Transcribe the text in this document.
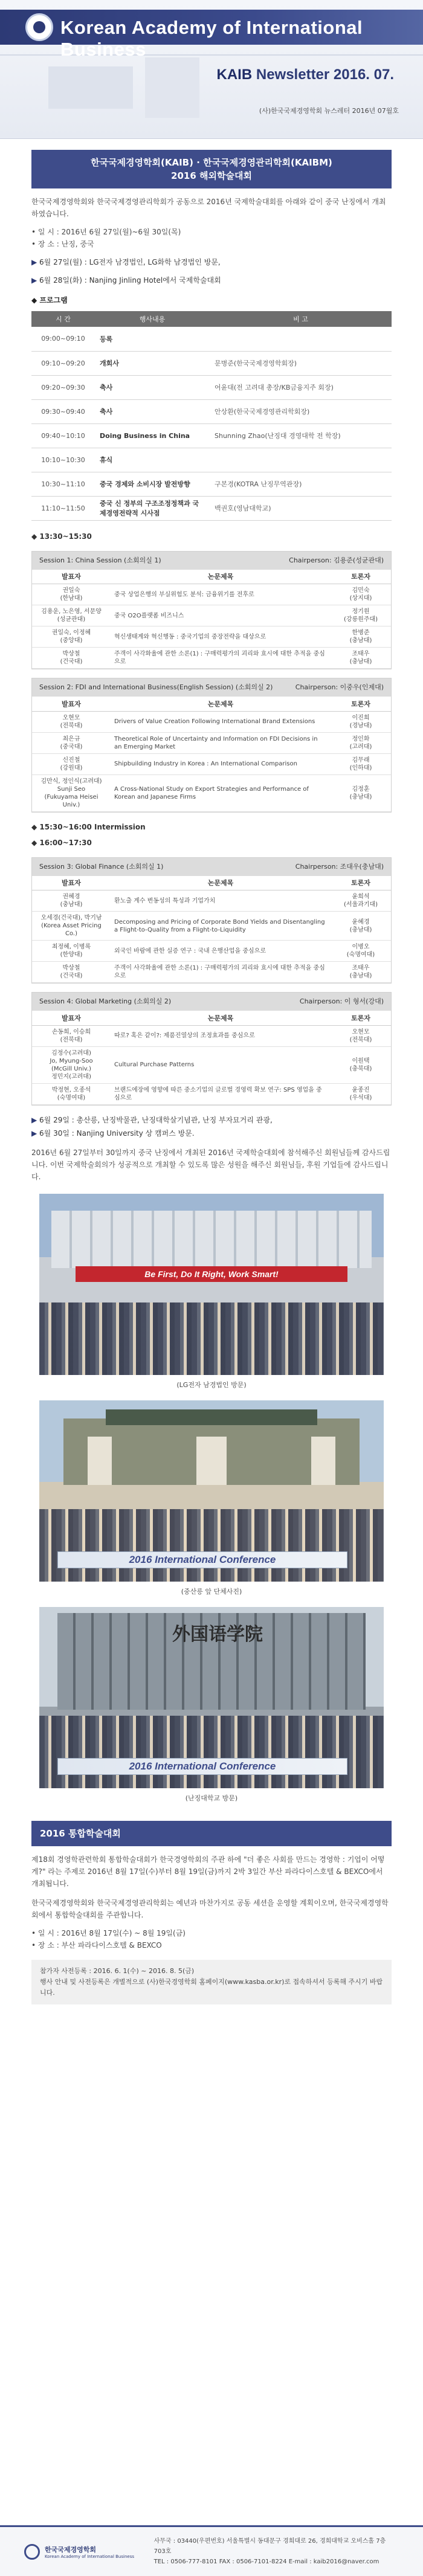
Korean Academy of International Business
KAIB Newsletter 2016. 07.
(사)한국국제경영학회 뉴스레터 2016년 07월호
한국국제경영학회(KAIB) · 한국국제경영관리학회(KAIBM)
2016 해외학술대회

한국국제경영학회와 한국국제경영관리학회가 공동으로 2016년 국제학술대회를 아래와 같이 중국 난징에서 개최하였습니다.

• 일 시 : 2016년 6월 27일(월)~6월 30일(목)
• 장 소 : 난징, 중국
▶ 6월 27일(월) : LG전자 남경법인, LG화학 남경법인 방문,
▶ 6월 28일(화) : Nanjing Jinling Hotel에서 국제학술대회
◆ 프로그램
시 간	행사내용	비 고
09:00~09:10	등록	
09:10~09:20	개회사	문병준(한국국제경영학회장)
09:20~09:30	축사	어윤대(전 고려대 총장/KB금융지주 회장)
09:30~09:40	축사	안상환(한국국제경영관리학회장)
09:40~10:10	Doing Business in China	Shunning Zhao(난징대 경영대학 전 학장)
10:10~10:30	휴식	
10:30~11:10	중국 경제와 소비시장 발전방향	구본경(KOTRA 난징무역관장)
11:10~11:50	중국 신 정부의 구조조정정책과 국제경영전략적 시사점	백권호(영남대학교)
◆ 13:30~15:30
Session 1: China Session (소회의실 1)	Chairperson: 김용준(성균관대)
발표자	논문제목	토론자
권일숙
(한남대)	중국 상업은행의 부실위험도 분석: 금융위기를 전후로	김민숙
(상지대)
김용운, 노은영, 서문양
(성균관대)	중국 O2O플랫폼 비즈니스	정기원
(강릉원주대)
권일숙, 이정혜
(중앙대)	혁신생태계와 혁신행동 : 중국기업의 중장전략을 대상으로	한병준
(충남대)
박상철
(건국대)	주객이 사각화율에 관한 소론(1) : 구매력평가의 괴리와 효시에 대한 추적을 중심으로	조태우
(충남대)
Session 2: FDI and International Business(English Session) (소회의실 2)	Chairperson: 이중우(인제대)
발표자	논문제목	토론자
오현모
(전북대)	Drivers of Value Creation Following International Brand Extensions	이진희
(경남대)
최은규
(중국대)	Theoretical Role of Uncertainty and Information on FDI Decisions in an Emerging Market	정인화
(고려대)
신진철
(강원대)	Shipbuilding Industry in Korea : An International Comparison	김무래
(인하대)
김만식, 정인식(고려대)
Sunji Seo
(Fukuyama Heisei Univ.)	A Cross-National Study on Export Strategies and Performance of Korean and Japanese Firms	김정훈
(충남대)
◆ 15:30~16:00 Intermission
◆ 16:00~17:30
Session 3: Global Finance (소회의실 1)	Chairperson: 조대우(충남대)
발표자	논문제목	토론자
권혜경
(충남대)	환노출 계수 변동성의 특성과 기업가치	윤희석
(서울과기대)
오세경(건국대), 박기남
(Korea Asset Pricing Co.)	Decomposing and Pricing of Corporate Bond Yields and Disentangling a Flight-to-Quality from a Flight-to-Liquidity	윤혜경
(충남대)
최정혜, 이병록
(한양대)	외국인 바람에 관한 실증 연구 : 국내 은행산업을 중심으로	이병오
(숙명여대)
박상철
(건국대)	주객이 사각화율에 관한 소론(1) : 구매력평가의 괴리와 효시에 대한 추적을 중심으로	조태우
(충남대)
Session 4: Global Marketing (소회의실 2)	Chairperson: 이 형서(강대)
발표자	논문제목	토론자
손동희, 이승희
(전북대)	따로? 혹은 같이?: 제품진열상의 조정효과를 중심으로	오현모
(전북대)
김정수(고려대)
Jo, Myung-Soo
(McGill Univ.)
정민지(고려대)	Cultural Purchase Patterns	이원택
(충북대)
박정현, 오종석
(숙명여대)	브랜드에장에 영향에 따른 중소기업의 글로벌 경영력 확보 연구: SPS 영업을 중심으로	윤종진
(우석대)
▶ 6월 29일 : 총산릉, 난징박물관, 난징대학살기념관, 난징 부자묘거리 관광,
▶ 6월 30일 : Nanjing University 상 캠퍼스 방문.

2016년 6월 27일부터 30일까지 중국 난징에서 개최된 2016년 국제학술대회에 참석해주신 회원님들께 감사드립니다. 이번 국제학술회의가 성공적으로 개최할 수 있도록 많은 성원을 해주신 회원님들, 후원 기업들에 감사드립니다.

Be First, Do It Right, Work Smart!
(LG전자 남경법인 방문)
2016 International Conference
(중산릉 앞 단체사진)
外国语学院
2016 International Conference
(난징대학교 방문)
2016 통합학술대회

제18회 경영학관련학회 통합학술대회가 한국경영학회의 주관 하에 "더 좋은 사회를 만드는 경영학 : 기업이 어떻게?" 라는 주제로 2016년 8월 17일(수)부터 8월 19일(금)까지 2박 3일간 부산 파라다이스호텔 & BEXCO에서 개최됩니다.

한국국제경영학회와 한국국제경영관리학회는 예년과 마찬가지로 공동 세션을 운영할 계획이오며, 한국국제경영학회에서 통합학술대회를 주관합니다.

• 일 시 : 2016년 8월 17일(수) ~ 8월 19일(금)
• 장 소 : 부산 파라다이스호텔 & BEXCO
참가자 사전등록 : 2016. 6. 1(수) ~ 2016. 8. 5(금)
행사 안내 및 사전등록은 개별적으로 (사)한국경영학회 홈페이지(www.kasba.or.kr)로 접속하셔서 등록해 주시기 바랍니다.
한국국제경영학회
Korean Academy of International Business
사무국 : 03440(우편번호) 서울특별시 동대문구 경희대로 26, 경희대학교 오비스홀 7층 703호
TEL : 0506-777-8101 FAX : 0506-7101-8224 E-mail : kaib2016@naver.com
